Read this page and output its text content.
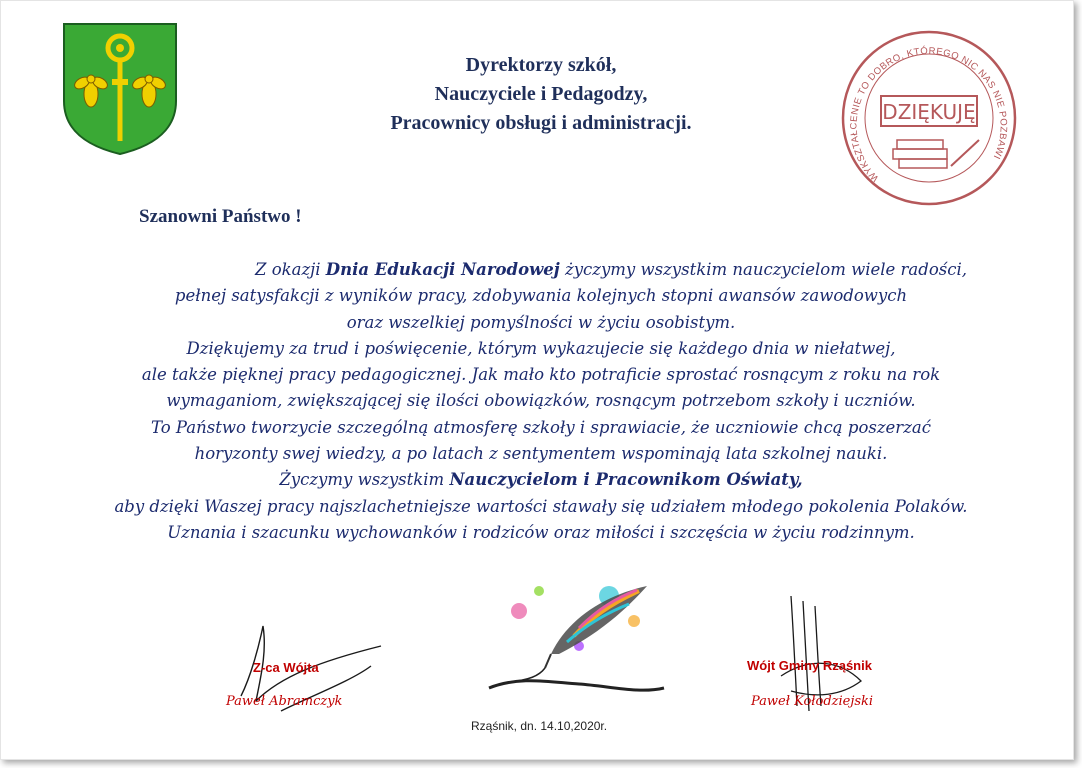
Dyrektorzy szkół,
Nauczyciele i Pedagodzy,
Pracownicy obsługi i administracji.
WYKSZTAŁCENIE TO DOBRO, KTÓREGO NIC NAS NIE POZBAWI
DZIĘKUJĘ
Szanowni Państwo !

Z okazji Dnia Edukacji Narodowej życzymy wszystkim nauczycielom wiele radości,

pełnej satysfakcji z wyników pracy, zdobywania kolejnych stopni awansów zawodowych

oraz wszelkiej pomyślności w życiu osobistym.

Dziękujemy za trud i poświęcenie, którym wykazujecie się każdego dnia w niełatwej,

ale także pięknej pracy pedagogicznej. Jak mało kto potraficie sprostać rosnącym z roku na rok

wymaganiom, zwiększającej się ilości obowiązków, rosnącym potrzebom szkoły i uczniów.

To Państwo tworzycie szczególną atmosferę szkoły i sprawiacie, że uczniowie chcą poszerzać

horyzonty swej wiedzy, a po latach z sentymentem wspominają lata szkolnej nauki.

Życzymy wszystkim Nauczycielom i Pracownikom Oświaty,

aby dzięki Waszej pracy najszlachetniejsze wartości stawały się udziałem młodego pokolenia Polaków.

Uznania i szacunku wychowanków i rodziców oraz miłości i szczęścia w życiu rodzinnym.

Z-ca Wójta
Paweł Abramczyk
Wójt Gminy Rząśnik
Paweł Kołodziejski
Rząśnik, dn. 14.10,2020r.
